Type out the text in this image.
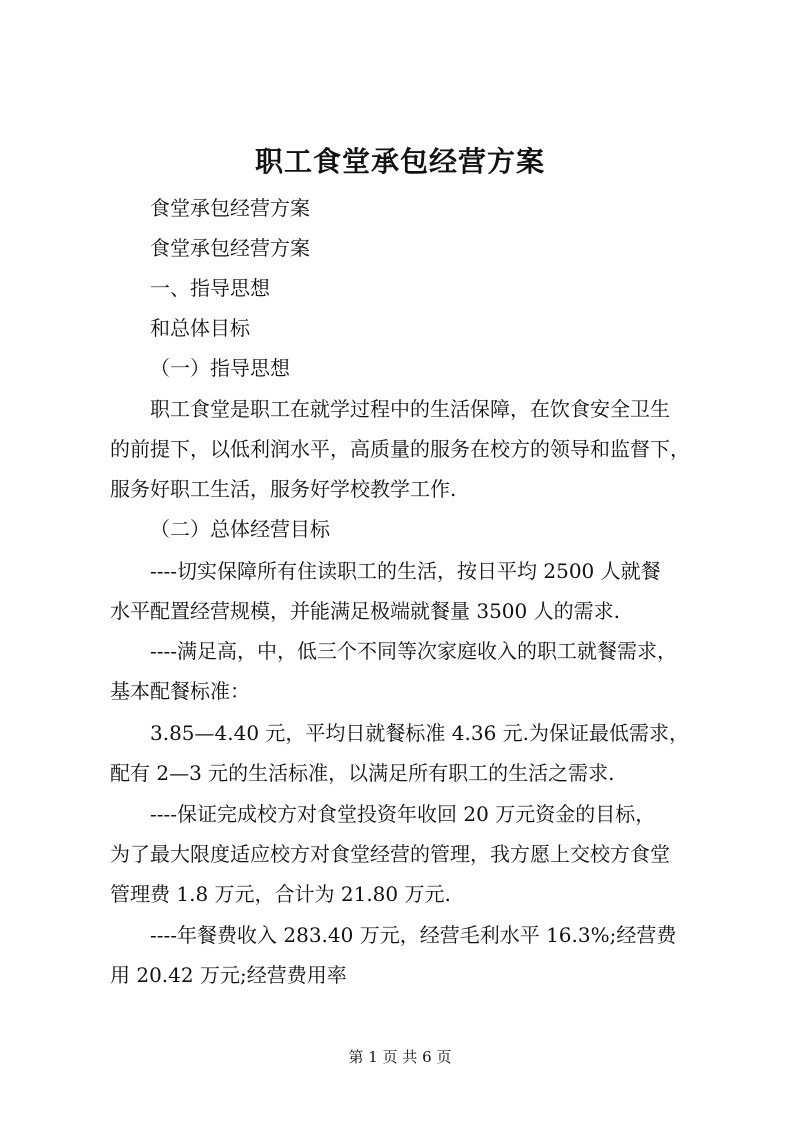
职工食堂承包经营方案
食堂承包经营方案
食堂承包经营方案
一、指导思想
和总体目标
（一）指导思想
职工食堂是职工在就学过程中的生活保障，在饮食安全卫生
的前提下，以低利润水平，高质量的服务在校方的领导和监督下，
服务好职工生活，服务好学校教学工作.
（二）总体经营目标
----切实保障所有住读职工的生活，按日平均 2500 人就餐
水平配置经营规模，并能满足极端就餐量 3500 人的需求.
----满足高，中，低三个不同等次家庭收入的职工就餐需求，
基本配餐标准：
3.85—4.40 元，平均日就餐标准 4.36 元.为保证最低需求，
配有 2—3 元的生活标准，以满足所有职工的生活之需求.
----保证完成校方对食堂投资年收回 20 万元资金的目标，
为了最大限度适应校方对食堂经营的管理，我方愿上交校方食堂
管理费 1.8 万元，合计为 21.80 万元.
----年餐费收入 283.40 万元，经营毛利水平 16.3%;经营费
用 20.42 万元;经营费用率
第 1 页 共 6 页
